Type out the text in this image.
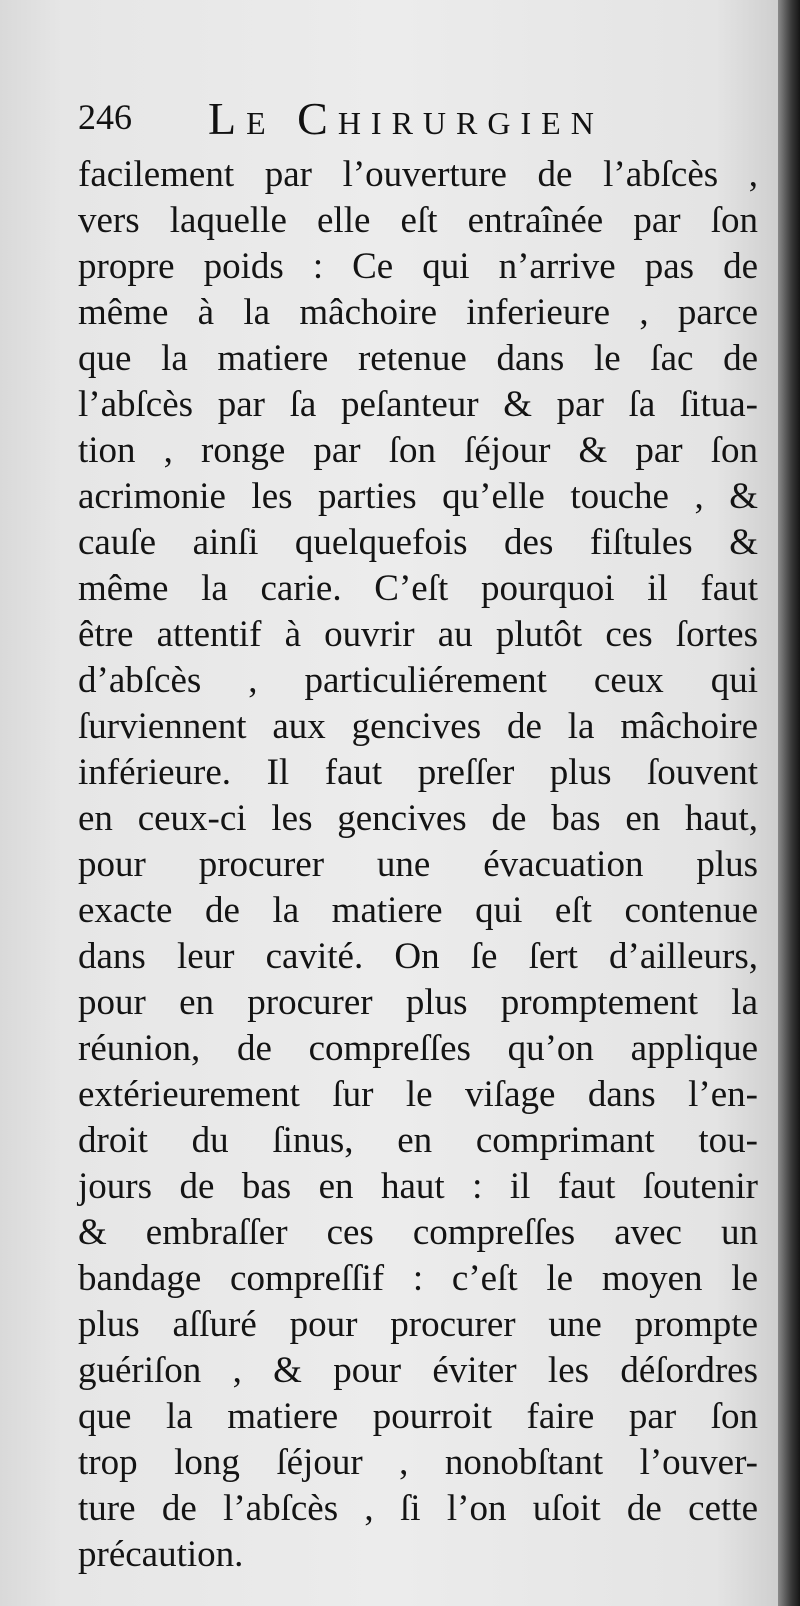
246 Le Chirurgien
facilement par l’ouverture de l’abſcès ,
vers laquelle elle eſt entraînée par ſon
propre poids : Ce qui n’arrive pas de
même à la mâchoire inferieure , parce
que la matiere retenue dans le ſac de
l’abſcès par ſa peſanteur & par ſa ſitua-
tion , ronge par ſon ſéjour & par ſon
acrimonie les parties qu’elle touche , &
cauſe ainſi quelquefois des fiſtules &
même la carie. C’eſt pourquoi il faut
être attentif à ouvrir au plutôt ces ſortes
d’abſcès , particuliérement ceux qui
ſurviennent aux gencives de la mâchoire
inférieure. Il faut preſſer plus ſouvent
en ceux-ci les gencives de bas en haut,
pour procurer une évacuation plus
exacte de la matiere qui eſt contenue
dans leur cavité. On ſe ſert d’ailleurs,
pour en procurer plus promptement la
réunion, de compreſſes qu’on applique
extérieurement ſur le viſage dans l’en-
droit du ſinus, en comprimant tou-
jours de bas en haut : il faut ſoutenir
& embraſſer ces compreſſes avec un
bandage compreſſif : c’eſt le moyen le
plus aſſuré pour procurer une prompte
guériſon , & pour éviter les déſordres
que la matiere pourroit faire par ſon
trop long ſéjour , nonobſtant l’ouver-
ture de l’abſcès , ſi l’on uſoit de cette
précaution.
